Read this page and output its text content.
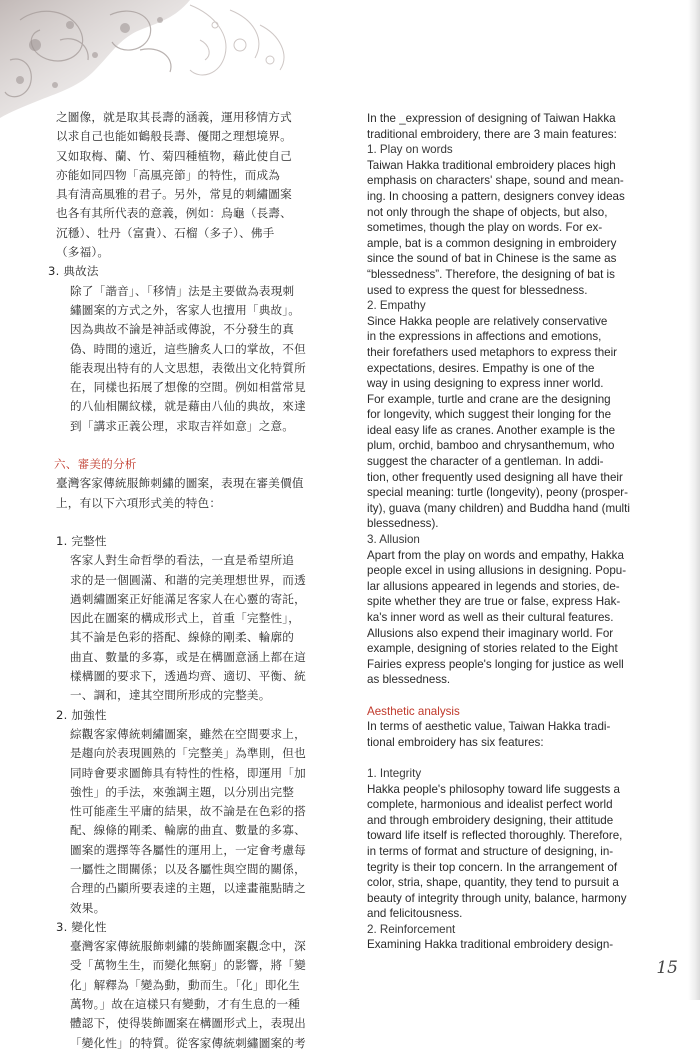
之圖像，就是取其長壽的涵義，運用移情方式
以求自己也能如鶴般長壽、優閒之理想境界。
又如取梅、蘭、竹、菊四種植物，藉此使自己
亦能如同四物「高風亮節」的特性，而成為
具有清高風雅的君子。另外，常見的刺繡圖案
也各有其所代表的意義，例如：烏龜（長壽、
沉穩）、牡丹（富貴）、石榴（多子）、佛手
（多福）。
3. 典故法
除了「諧音」、「移情」法是主要做為表現刺
繡圖案的方式之外，客家人也擅用「典故」。
因為典故不論是神話或傳說，不分發生的真
偽、時間的遠近，這些膾炙人口的掌故，不但
能表現出特有的人文思想，表徵出文化特質所
在，同樣也拓展了想像的空間。例如相當常見
的八仙相關紋樣，就是藉由八仙的典故，來達
到「講求正義公理，求取吉祥如意」之意。
六、審美的分析
臺灣客家傳統服飾刺繡的圖案，表現在審美價值
上，有以下六項形式美的特色：
1. 完整性
客家人對生命哲學的看法，一直是希望所追
求的是一個圓滿、和諧的完美理想世界，而透
過刺繡圖案正好能滿足客家人在心靈的寄託，
因此在圖案的構成形式上，首重「完整性」，
其不論是色彩的搭配、線條的剛柔、輪廓的
曲直、數量的多寡，或是在構圖意涵上都在這
樣構圖的要求下，透過均齊、適切、平衡、統
一、調和，達其空間所形成的完整美。
2. 加強性
綜觀客家傳統刺繡圖案，雖然在空間要求上，
是趨向於表現圓熟的「完整美」為準則，但也
同時會要求圖飾具有特性的性格，即運用「加
強性」的手法，來強調主題，以分別出完整
性可能產生平庸的結果，故不論是在色彩的搭
配、線條的剛柔、輪廓的曲直、數量的多寡、
圖案的選擇等各屬性的運用上，一定會考慮每
一屬性之間關係；以及各屬性與空間的關係，
合理的凸顯所要表達的主題，以達畫龍點睛之
效果。
3. 變化性
臺灣客家傳統服飾刺繡的裝飾圖案觀念中，深
受「萬物生生，而變化無窮」的影響，將「變
化」解釋為「變為動，動而生。「化」即化生
萬物。」故在這樣只有變動，才有生息的一種
體認下，使得裝飾圖案在構圖形式上，表現出
「變化性」的特質。從客家傳統刺繡圖案的考
In the _expression of designing of Taiwan Hakka
traditional embroidery, there are 3 main features:
1. Play on words
Taiwan Hakka traditional embroidery places high
emphasis on characters' shape, sound and mean-
ing. In choosing a pattern, designers convey ideas
not only through the shape of objects, but also,
sometimes, though the play on words. For ex-
ample, bat is a common designing in embroidery
since the sound of bat in Chinese is the same as
“blessedness”. Therefore, the designing of bat is
used to express the quest for blessedness.
2. Empathy
Since Hakka people are relatively conservative
in the expressions in affections and emotions,
their forefathers used metaphors to express their
expectations, desires. Empathy is one of the
way in using designing to express inner world.
For example, turtle and crane are the designing
for longevity, which suggest their longing for the
ideal easy life as cranes. Another example is the
plum, orchid, bamboo and chrysanthemum, who
suggest the character of a gentleman. In addi-
tion, other frequently used designing all have their
special meaning: turtle (longevity), peony (prosper-
ity), guava (many children) and Buddha hand (multi
blessedness).
3. Allusion
Apart from the play on words and empathy, Hakka
people excel in using allusions in designing. Popu-
lar allusions appeared in legends and stories, de-
spite whether they are true or false, express Hak-
ka's inner word as well as their cultural features.
Allusions also expend their imaginary world. For
example, designing of stories related to the Eight
Fairies express people's longing for justice as well
as blessedness.
Aesthetic analysis
In terms of aesthetic value, Taiwan Hakka tradi-
tional embroidery has six features:
1. Integrity
Hakka people's philosophy toward life suggests a
complete, harmonious and idealist perfect world
and through embroidery designing, their attitude
toward life itself is reflected thoroughly. Therefore,
in terms of format and structure of designing, in-
tegrity is their top concern. In the arrangement of
color, stria, shape, quantity, they tend to pursuit a
beauty of integrity through unity, balance, harmony
and felicitousness.
2. Reinforcement
Examining Hakka traditional embroidery design-
15
